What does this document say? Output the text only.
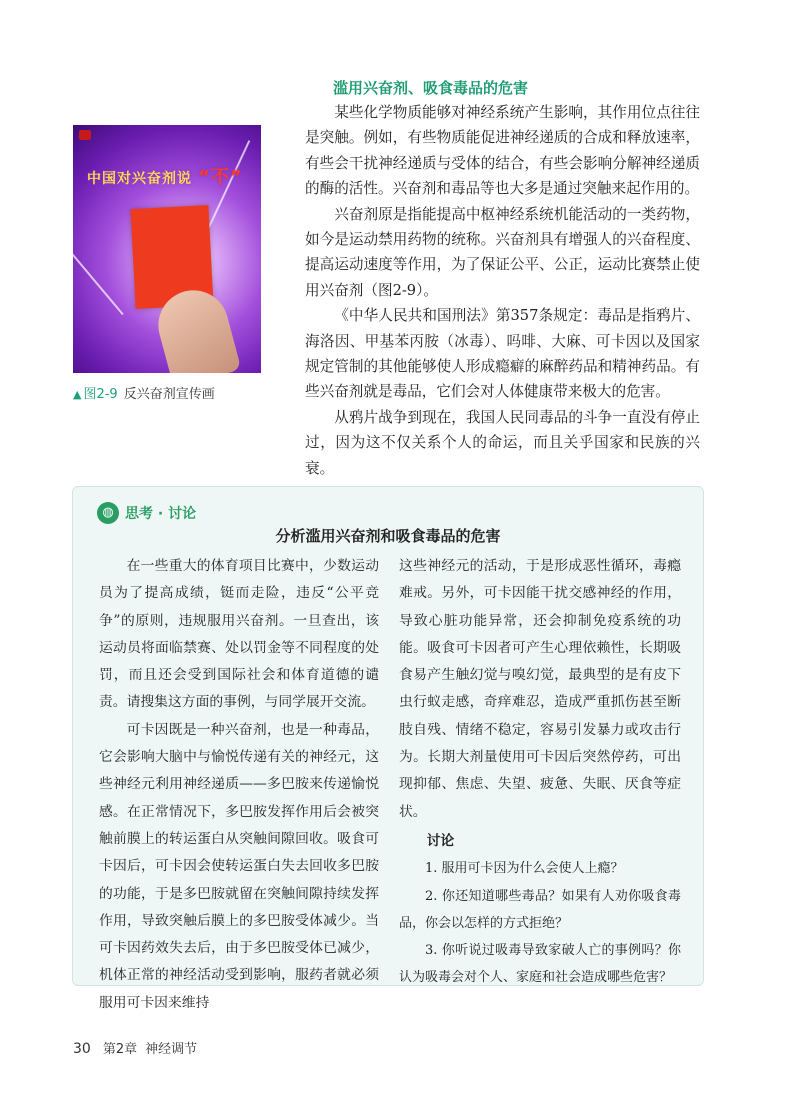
中国对兴奋剂说 “不”
▲ 图2-9 反兴奋剂宣传画
滥用兴奋剂、吸食毒品的危害

某些化学物质能够对神经系统产生影响，其作用位点往往是突触。例如，有些物质能促进神经递质的合成和释放速率，有些会干扰神经递质与受体的结合，有些会影响分解神经递质的酶的活性。兴奋剂和毒品等也大多是通过突触来起作用的。

兴奋剂原是指能提高中枢神经系统机能活动的一类药物，如今是运动禁用药物的统称。兴奋剂具有增强人的兴奋程度、提高运动速度等作用，为了保证公平、公正，运动比赛禁止使用兴奋剂（图2-9）。

《中华人民共和国刑法》第357条规定：毒品是指鸦片、海洛因、甲基苯丙胺（冰毒）、吗啡、大麻、可卡因以及国家规定管制的其他能够使人形成瘾癖的麻醉药品和精神药品。有些兴奋剂就是毒品，它们会对人体健康带来极大的危害。

从鸦片战争到现在，我国人民同毒品的斗争一直没有停止过，因为这不仅关系个人的命运，而且关乎国家和民族的兴衰。

◍ 思考 · 讨论
分析滥用兴奋剂和吸食毒品的危害

在一些重大的体育项目比赛中，少数运动员为了提高成绩，铤而走险，违反“公平竞争”的原则，违规服用兴奋剂。一旦查出，该运动员将面临禁赛、处以罚金等不同程度的处罚，而且还会受到国际社会和体育道德的谴责。请搜集这方面的事例，与同学展开交流。

可卡因既是一种兴奋剂，也是一种毒品，它会影响大脑中与愉悦传递有关的神经元，这些神经元利用神经递质——多巴胺来传递愉悦感。在正常情况下，多巴胺发挥作用后会被突触前膜上的转运蛋白从突触间隙回收。吸食可卡因后，可卡因会使转运蛋白失去回收多巴胺的功能，于是多巴胺就留在突触间隙持续发挥作用，导致突触后膜上的多巴胺受体减少。当可卡因药效失去后，由于多巴胺受体已减少，机体正常的神经活动受到影响，服药者就必须服用可卡因来维持

这些神经元的活动，于是形成恶性循环，毒瘾难戒。另外，可卡因能干扰交感神经的作用，导致心脏功能异常，还会抑制免疫系统的功能。吸食可卡因者可产生心理依赖性，长期吸食易产生触幻觉与嗅幻觉，最典型的是有皮下虫行蚁走感，奇痒难忍，造成严重抓伤甚至断肢自残、情绪不稳定，容易引发暴力或攻击行为。长期大剂量使用可卡因后突然停药，可出现抑郁、焦虑、失望、疲惫、失眠、厌食等症状。

讨论

1. 服用可卡因为什么会使人上瘾？

2. 你还知道哪些毒品？如果有人劝你吸食毒品，你会以怎样的方式拒绝？

3. 你听说过吸毒导致家破人亡的事例吗？你认为吸毒会对个人、家庭和社会造成哪些危害？

30 第2章 神经调节
